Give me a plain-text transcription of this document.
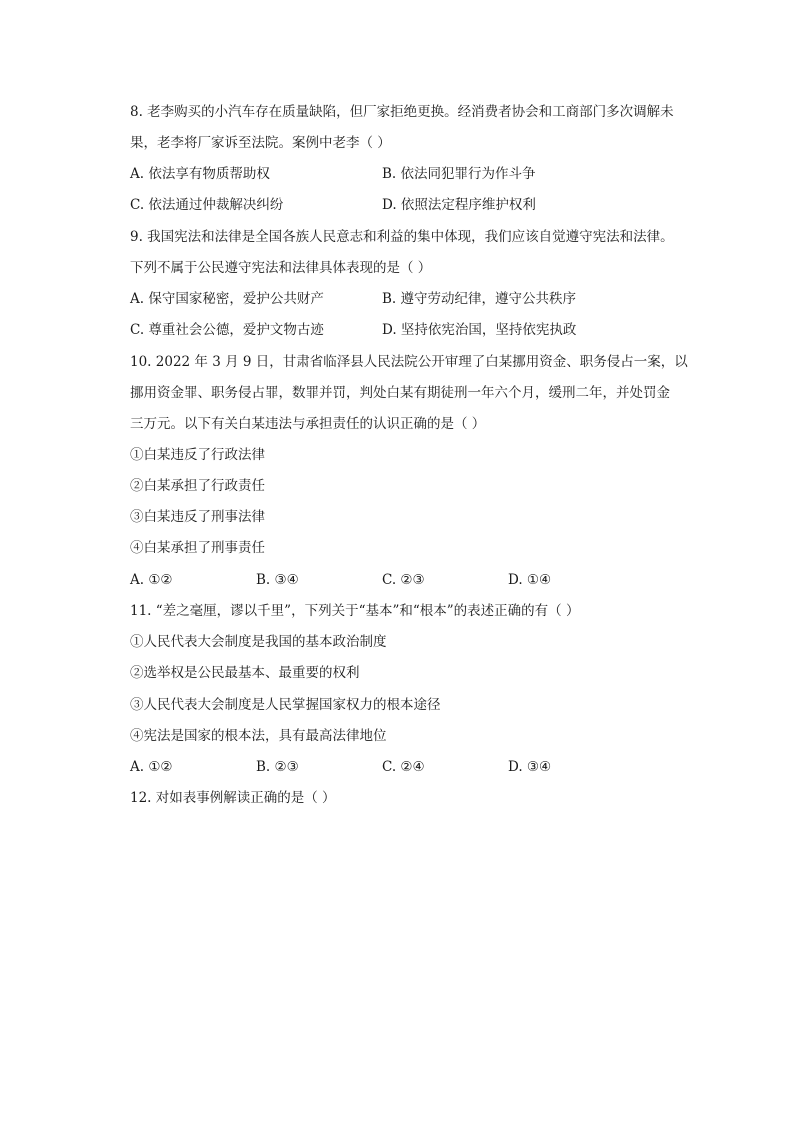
8. 老李购买的小汽车存在质量缺陷，但厂家拒绝更换。经消费者协会和工商部门多次调解未
果，老李将厂家诉至法院。案例中老李（ ）
A. 依法享有物质帮助权	B. 依法同犯罪行为作斗争
C. 依法通过仲裁解决纠纷	D. 依照法定程序维护权利
9. 我国宪法和法律是全国各族人民意志和利益的集中体现，我们应该自觉遵守宪法和法律。
下列不属于公民遵守宪法和法律具体表现的是（ ）
A. 保守国家秘密，爱护公共财产	B. 遵守劳动纪律，遵守公共秩序
C. 尊重社会公德，爱护文物古迹	D. 坚持依宪治国，坚持依宪执政
10. 2022 年 3 月 9 日，甘肃省临泽县人民法院公开审理了白某挪用资金、职务侵占一案，以
挪用资金罪、职务侵占罪，数罪并罚，判处白某有期徒刑一年六个月，缓刑二年，并处罚金
三万元。以下有关白某违法与承担责任的认识正确的是（ ）
①白某违反了行政法律
②白某承担了行政责任
③白某违反了刑事法律
④白某承担了刑事责任
A. ①②	B. ③④	C. ②③	D. ①④
11. “差之毫厘，谬以千里”，下列关于“基本”和“根本”的表述正确的有（ ）
①人民代表大会制度是我国的基本政治制度
②选举权是公民最基本、最重要的权利
③人民代表大会制度是人民掌握国家权力的根本途径
④宪法是国家的根本法，具有最高法律地位
A. ①②	B. ②③	C. ②④	D. ③④
12. 对如表事例解读正确的是（ ）
